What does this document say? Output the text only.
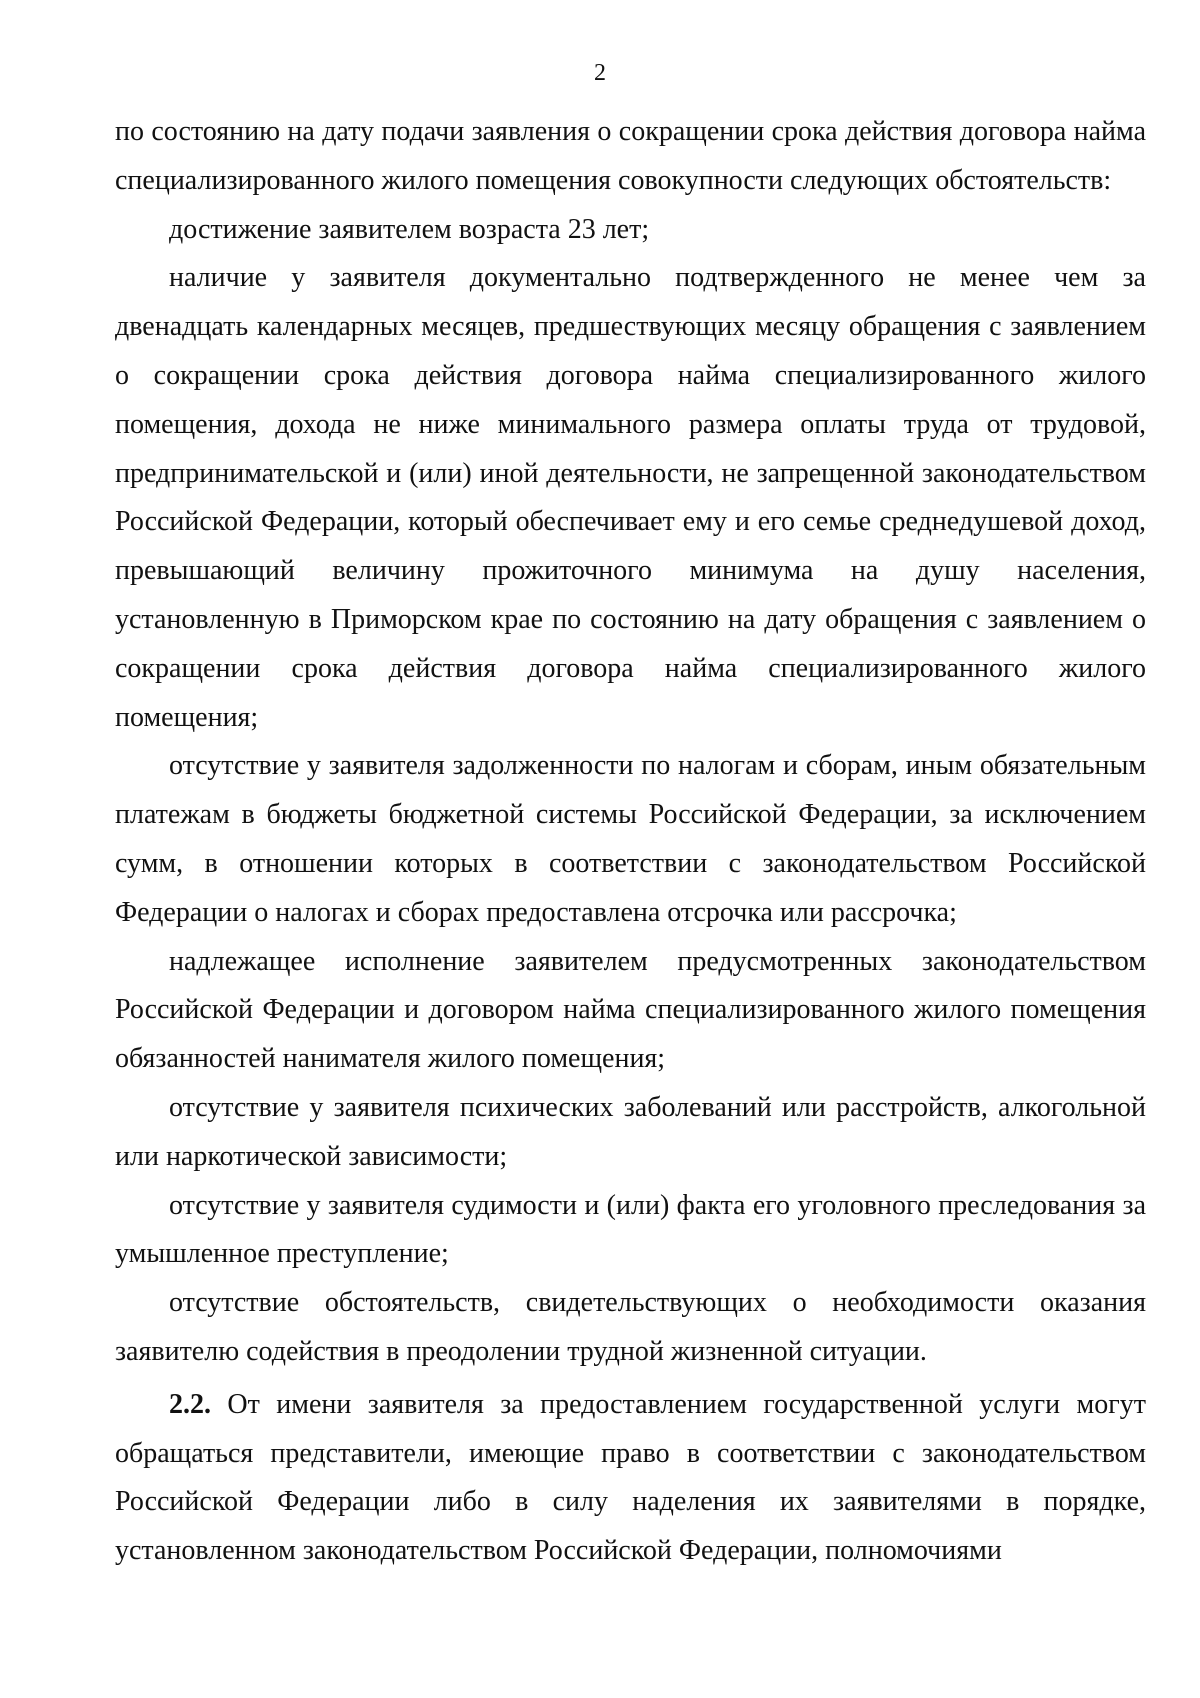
2

по состоянию на дату подачи заявления о сокращении срока действия договора найма специализированного жилого помещения совокупности следующих обстоятельств:

достижение заявителем возраста 23 лет;

наличие у заявителя документально подтвержденного не менее чем за двенадцать календарных месяцев, предшествующих месяцу обращения с заявлением о сокращении срока действия договора найма специализированного жилого помещения, дохода не ниже минимального размера оплаты труда от трудовой, предпринимательской и (или) иной деятельности, не запрещенной законодательством Российской Федерации, который обеспечивает ему и его семье среднедушевой доход, превышающий величину прожиточного минимума на душу населения, установленную в Приморском крае по состоянию на дату обращения с заявлением о сокращении срока действия договора найма специализированного жилого помещения;

отсутствие у заявителя задолженности по налогам и сборам, иным обязательным платежам в бюджеты бюджетной системы Российской Федерации, за исключением сумм, в отношении которых в соответствии с законодательством Российской Федерации о налогах и сборах предоставлена отсрочка или рассрочка;

надлежащее исполнение заявителем предусмотренных законодательством Российской Федерации и договором найма специализированного жилого помещения обязанностей нанимателя жилого помещения;

отсутствие у заявителя психических заболеваний или расстройств, алкогольной или наркотической зависимости;

отсутствие у заявителя судимости и (или) факта его уголовного преследования за умышленное преступление;

отсутствие обстоятельств, свидетельствующих о необходимости оказания заявителю содействия в преодолении трудной жизненной ситуации.

2.2. От имени заявителя за предоставлением государственной услуги могут обращаться представители, имеющие право в соответствии с законодательством Российской Федерации либо в силу наделения их заявителями в порядке, установленном законодательством Российской Федерации, полномочиями
